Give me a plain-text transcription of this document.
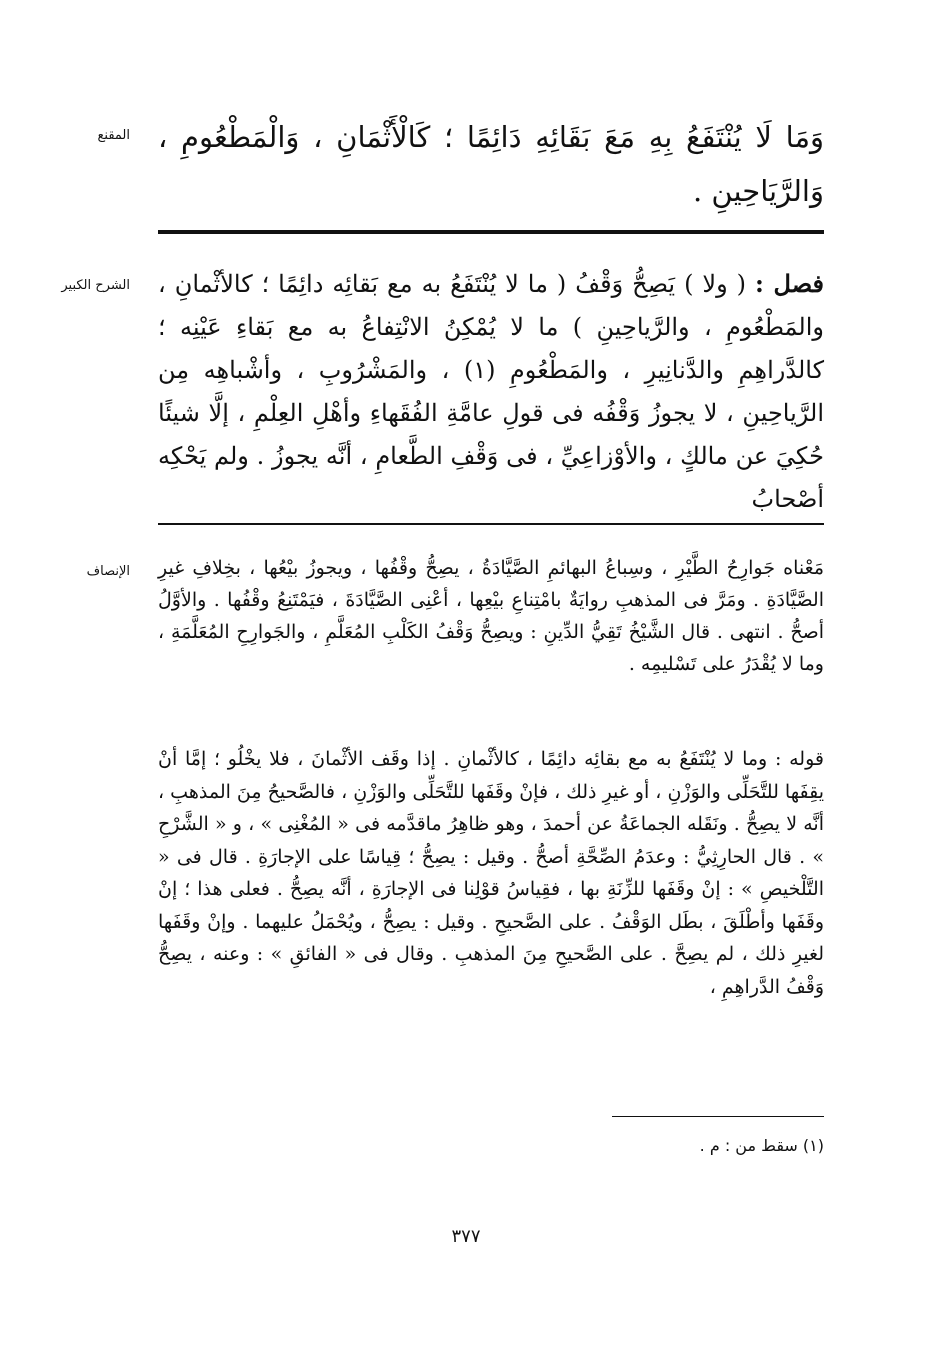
المقنع وَمَا لَا يُنْتَفَعُ بِهِ مَعَ بَقَائِهِ دَائِمًا ؛ كَالْأَثْمَانِ ، وَالْمَطْعُومِ ، وَالرَّيَاحِينِ .
الشرح الكبير	فصل : ( ولا ) يَصِحُّ وَقْفُ ( ما لا يُنْتَفَعُ به مع بَقائِه دائِمًا ؛ كالأثْمانِ ، والمَطْعُومِ ، والرَّياحِينِ ) ما لا يُمْكِنُ الانْتِفاعُ به مع بَقاءِ عَيْنِه ؛ كالدَّراهِمِ والدَّنانِيرِ ، والمَطْعُومِ (١) ، والمَشْرُوبِ ، وأشْباهِه مِن الرَّياحِينِ ، لا يجوزُ وَقْفُه فى قولِ عامَّةِ الفُقَهاءِ وأهْلِ العِلْمِ ، إلَّا شيئًا حُكِيَ عن مالكٍ ، والأوْزاعِيِّ ، فى وَقْفِ الطَّعامِ ، أنَّه يجوزُ . ولم يَحْكِه أصْحابُ
الإنصاف مَعْناه جَوارِحُ الطَّيْرِ ، وسِباعُ البهائمِ الصَّيَّادَةُ ، يصِحُّ وقْفُها ، ويجوزُ بيْعُها ، بخِلافِ غيرِ الصَّيَّادَةِ . ومَرَّ فى المذهبِ روايَةٌ بامْتِناعِ بيْعِها ، أعْنِى الصَّيَّادَةَ ، فيَمْتَنِعُ وقْفُها . والأوَّلُ أصحُّ . انتهى . قال الشَّيْخُ تَقِيُّ الدِّينِ : ويصِحُّ وَقْفُ الكَلْبِ المُعَلَّمِ ، والجَوارِحِ المُعَلَّمَةِ ، وما لا يُقْدَرُ على تَسْليمِه .
قوله : وما لا يُنْتَفَعُ به مع بقائِه دائِمًا ، كالأثْمانِ . إذا وقَف الأثْمانَ ، فلا يخْلُو ؛ إمَّا أنْ يقِفَها للتَّحَلِّى والوَزْنِ ، أو غيرِ ذلك ، فإنْ وقَفَها للتَّحَلِّى والوَزْنِ ، فالصَّحيحُ مِنَ المذهبِ ، أنَّه لا يصِحُّ . ونَقَله الجماعَةُ عن أحمدَ ، وهو ظاهِرُ ماقدَّمه فى « المُغْنِى » ، و « الشَّرْحِ » . قال الحارِثِيُّ : وعدَمُ الصِّحَّةِ أصحُّ . وقيل : يصِحُّ ؛ قِياسًا على الإجارَةِ . قال فى « التَّلْخيصِ » : إنْ وقَفَها للزِّنَةِ بها ، فقِياسُ قوْلِنا فى الإجارَةِ ، أنَّه يصِحُّ . فعلى هذا ؛ إنْ وقَفَها وأطْلَقَ ، بطَل الوَقْفُ . على الصَّحيحِ . وقيل : يصِحُّ ، ويُحْمَلُ عليهما . وإنْ وقَفَها لغيرِ ذلك ، لم يصِحَّ . على الصَّحيحِ مِنَ المذهبِ . وقال فى « الفائقِ » : وعنه ، يصِحُّ وَقْفُ الدَّراهِمِ ،
(١) سقط من : م .
٣٧٧
